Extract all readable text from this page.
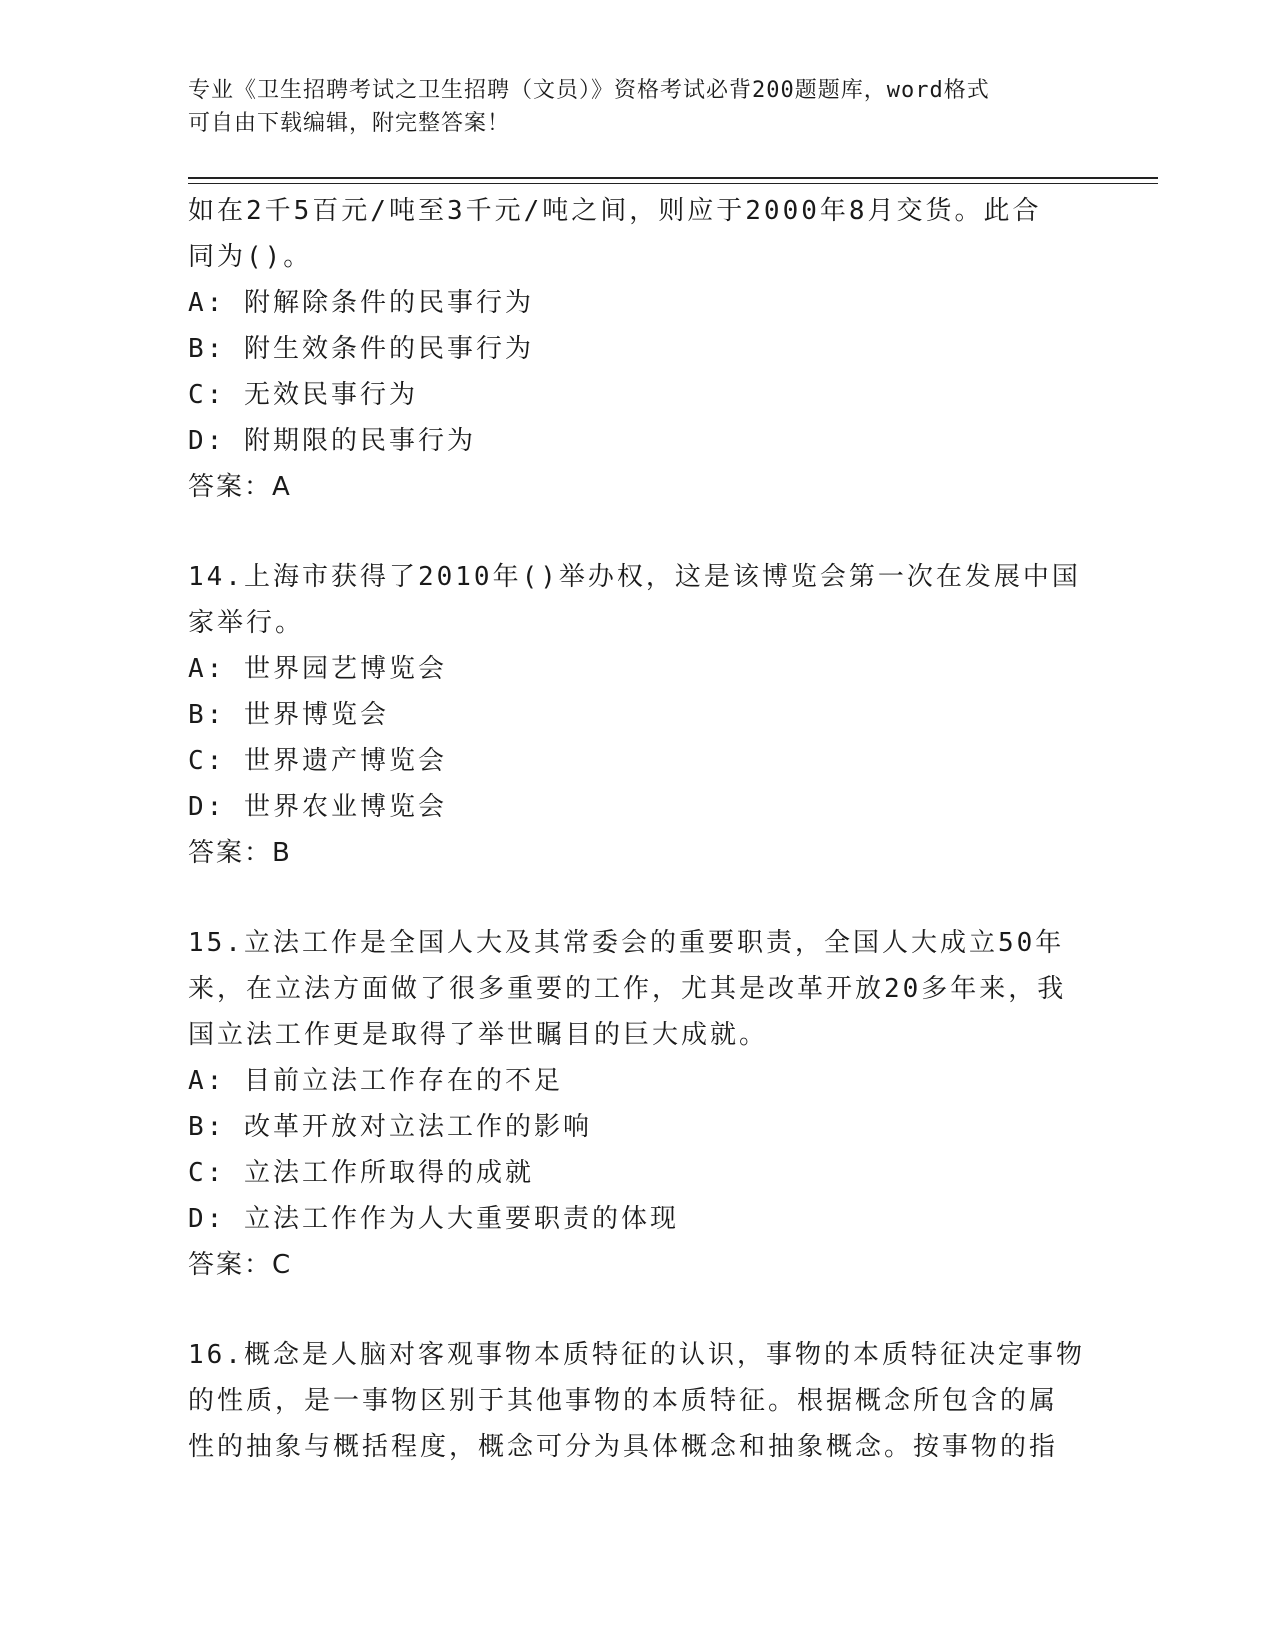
专业《卫生招聘考试之卫生招聘（文员）》资格考试必背200题题库，word格式
可自由下载编辑，附完整答案！
如在2千5百元/吨至3千元/吨之间，则应于2000年8月交货。此合
同为()。
A: 附解除条件的民事行为
B: 附生效条件的民事行为
C: 无效民事行为
D: 附期限的民事行为
答案：A
14.上海市获得了2010年()举办权，这是该博览会第一次在发展中国
家举行。
A: 世界园艺博览会
B: 世界博览会
C: 世界遗产博览会
D: 世界农业博览会
答案：B
15.立法工作是全国人大及其常委会的重要职责，全国人大成立50年
来，在立法方面做了很多重要的工作，尤其是改革开放20多年来，我
国立法工作更是取得了举世瞩目的巨大成就。
A: 目前立法工作存在的不足
B: 改革开放对立法工作的影响
C: 立法工作所取得的成就
D: 立法工作作为人大重要职责的体现
答案：C
16.概念是人脑对客观事物本质特征的认识，事物的本质特征决定事物
的性质，是一事物区别于其他事物的本质特征。根据概念所包含的属
性的抽象与概括程度，概念可分为具体概念和抽象概念。按事物的指
